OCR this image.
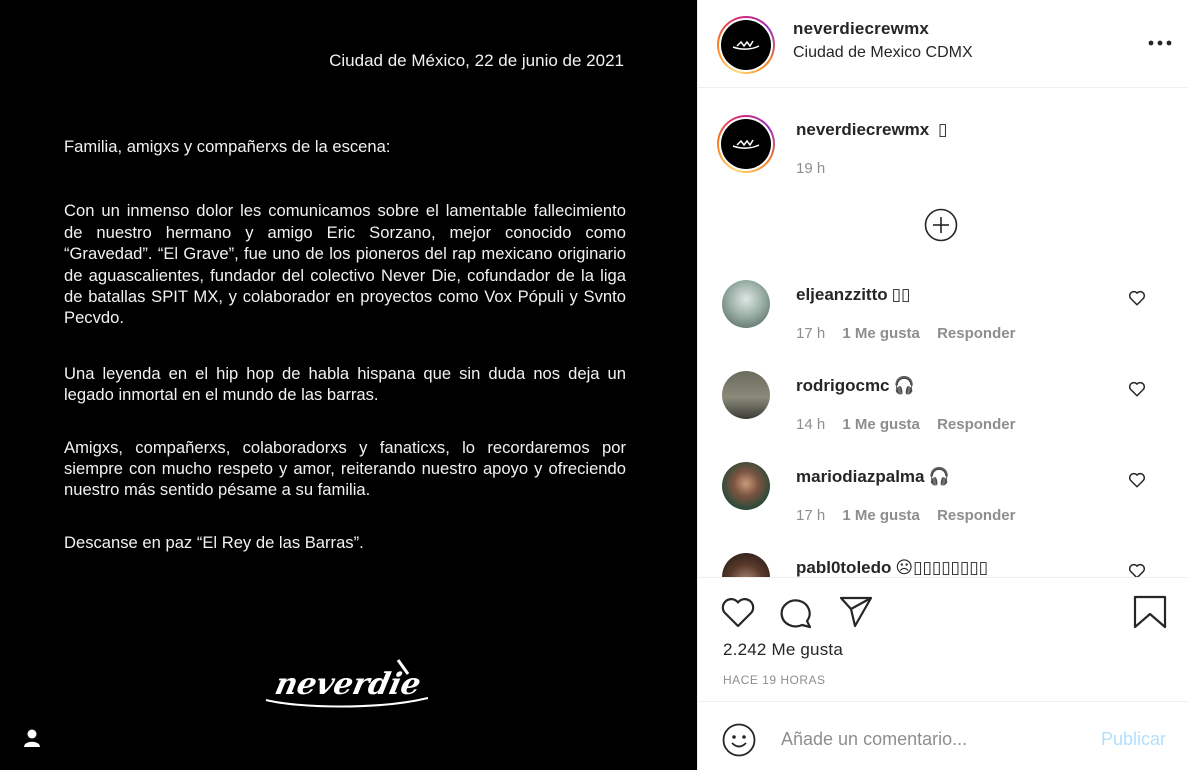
Ciudad de México, 22 de junio de 2021

Familia, amigxs y compañerxs de la escena:

Con un inmenso dolor les comunicamos sobre el lamentable fallecimiento de nuestro hermano y amigo Eric Sorzano, mejor conocido como “Gravedad”. “El Grave”, fue uno de los pioneros del rap mexicano originario de aguascalientes, fundador del colectivo Never Die, cofundador de la liga de batallas SPIT MX, y colaborador en proyectos como Vox Pópuli y Svnto Pecvdo.

Una leyenda en el hip hop de habla hispana que sin duda nos deja un legado inmortal en el mundo de las barras.

Amigxs, compañerxs, colaboradorxs y fanaticxs, lo recordaremos por siempre con mucho respeto y amor, reiterando nuestro apoyo y ofreciendo nuestro más sentido pésame a su familia.

Descanse en paz “El Rey de las Barras”.

neverdie
neverdiecrewmx
Ciudad de Mexico CDMX
neverdiecrewmx ▯
19 h
eljeanzzitto ▯▯
17 h 1 Me gusta Responder
rodrigocmc 🎧
14 h 1 Me gusta Responder
mariodiazpalma 🎧
17 h 1 Me gusta Responder
pabl0toledo ☹▯▯▯▯▯▯▯▯
2.242 Me gusta
HACE 19 HORAS
Añade un comentario...
Publicar
